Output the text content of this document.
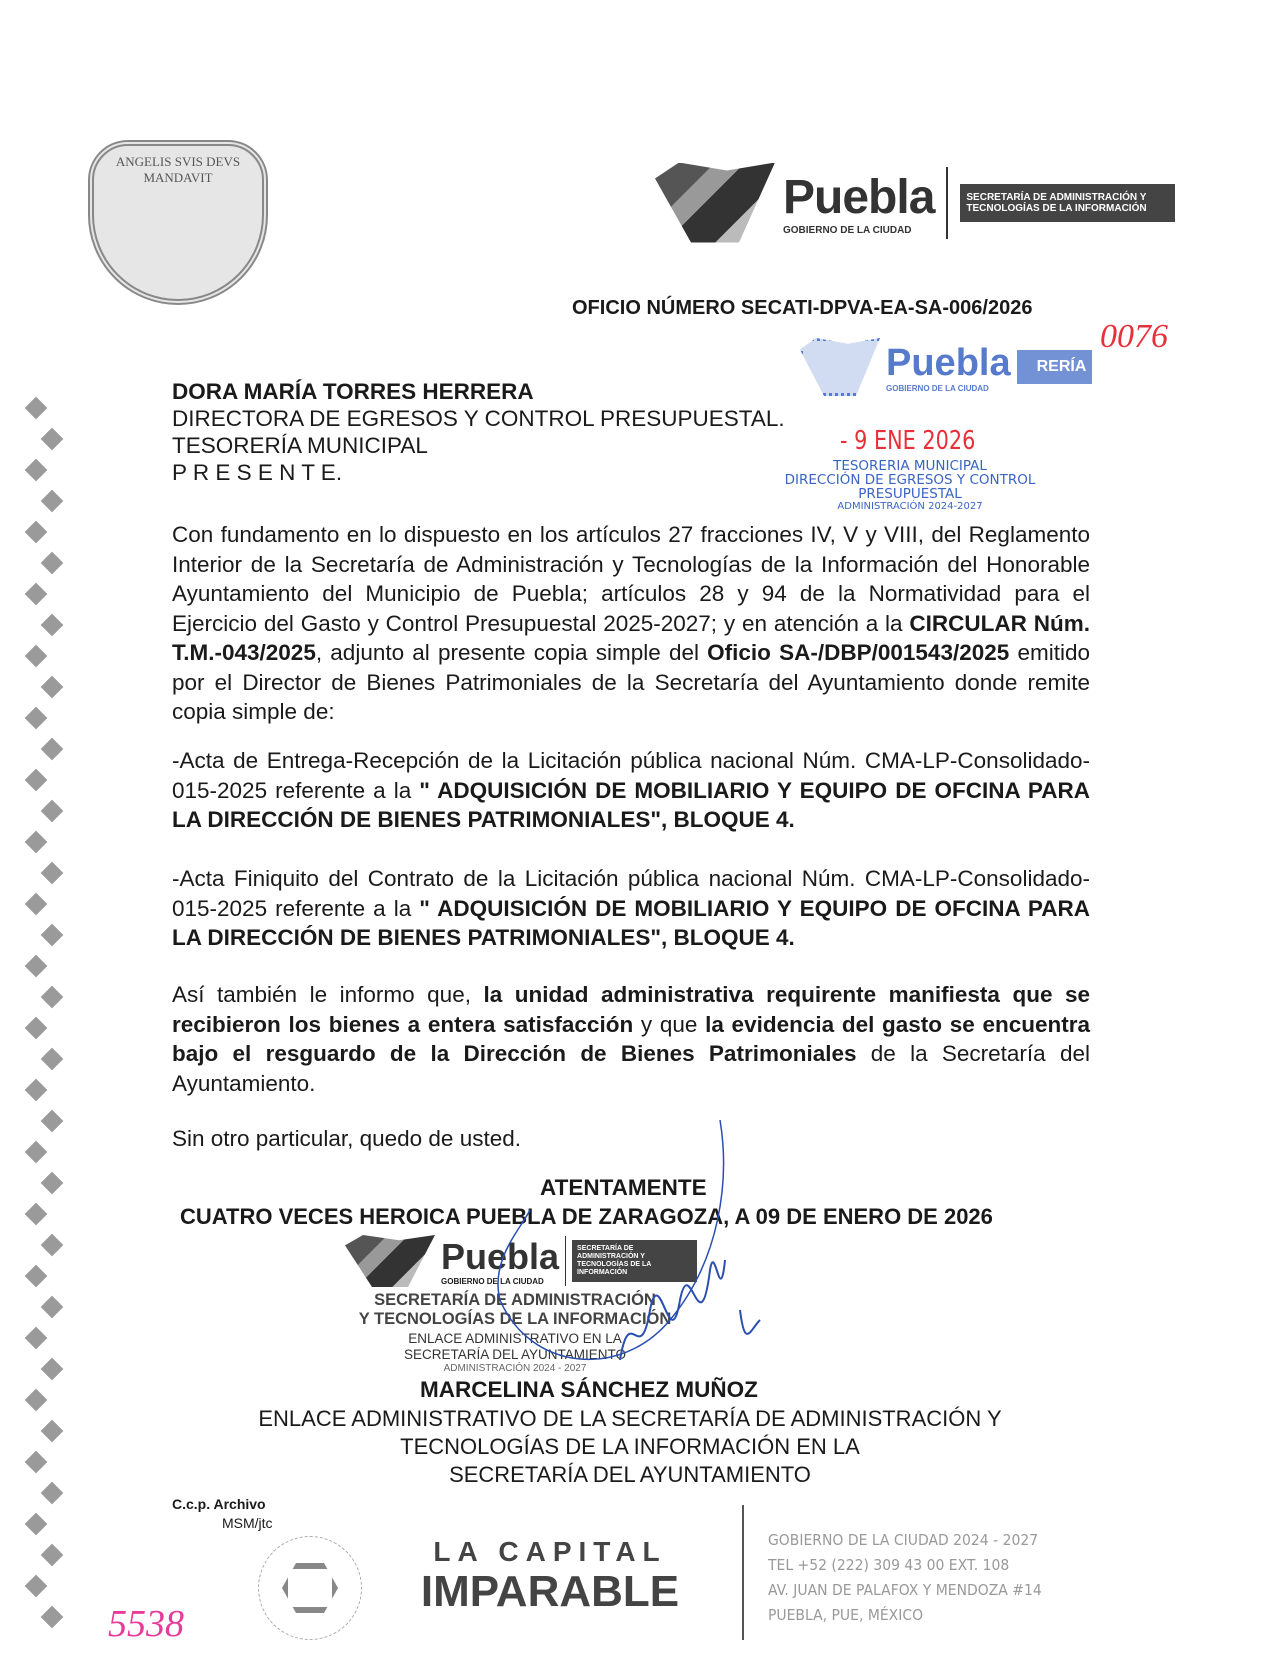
ANGELIS SVIS DEVS MANDAVIT	Puebla
GOBIERNO DE LA CIUDAD
SECRETARÍA DE ADMINISTRACIÓN Y TECNOLOGÍAS DE LA INFORMACIÓN
OFICIO NÚMERO SECATI-DPVA-EA-SA-006/2026
0076
Puebla
GOBIERNO DE LA CIUDAD
RERÍA
- 9 ENE 2026
TESORERIA MUNICIPAL
DIRECCIÓN DE EGRESOS Y CONTROL
PRESUPUESTAL
ADMINISTRACIÓN 2024-2027
DORA MARÍA TORRES HERRERA
DIRECTORA DE EGRESOS Y CONTROL PRESUPUESTAL.
TESORERÍA MUNICIPAL
P R E S E N T E.
Con fundamento en lo dispuesto en los artículos 27 fracciones IV, V y VIII, del Reglamento Interior de la Secretaría de Administración y Tecnologías de la Información del Honorable Ayuntamiento del Municipio de Puebla; artículos 28 y 94 de la Normatividad para el Ejercicio del Gasto y Control Presupuestal 2025-2027; y en atención a la CIRCULAR Núm. T.M.-043/2025, adjunto al presente copia simple del Oficio SA-/DBP/001543/2025 emitido por el Director de Bienes Patrimoniales de la Secretaría del Ayuntamiento donde remite copia simple de:
-Acta de Entrega-Recepción de la Licitación pública nacional Núm. CMA-LP-Consolidado-015-2025 referente a la " ADQUISICIÓN DE MOBILIARIO Y EQUIPO DE OFCINA PARA LA DIRECCIÓN DE BIENES PATRIMONIALES", BLOQUE 4.
-Acta Finiquito del Contrato de la Licitación pública nacional Núm. CMA-LP-Consolidado-015-2025 referente a la " ADQUISICIÓN DE MOBILIARIO Y EQUIPO DE OFCINA PARA LA DIRECCIÓN DE BIENES PATRIMONIALES", BLOQUE 4.
Así también le informo que, la unidad administrativa requirente manifiesta que se recibieron los bienes a entera satisfacción y que la evidencia del gasto se encuentra bajo el resguardo de la Dirección de Bienes Patrimoniales de la Secretaría del Ayuntamiento.
Sin otro particular, quedo de usted.
ATENTAMENTE
CUATRO VECES HEROICA PUEBLA DE ZARAGOZA, A 09 DE ENERO DE 2026
Puebla
GOBIERNO DE LA CIUDAD
SECRETARÍA DE ADMINISTRACIÓN Y TECNOLOGÍAS DE LA INFORMACIÓN
SECRETARÍA DE ADMINISTRACIÓN
Y TECNOLOGÍAS DE LA INFORMACIÓN
ENLACE ADMINISTRATIVO EN LA
SECRETARÍA DEL AYUNTAMIENTO
ADMINISTRACIÓN 2024 - 2027
MARCELINA SÁNCHEZ MUÑOZ
ENLACE ADMINISTRATIVO DE LA SECRETARÍA DE ADMINISTRACIÓN Y
TECNOLOGÍAS DE LA INFORMACIÓN EN LA
SECRETARÍA DEL AYUNTAMIENTO
C.c.p. Archivo
MSM/jtc
5538
LA CAPITAL
IMPARABLE
GOBIERNO DE LA CIUDAD 2024 - 2027
TEL +52 (222) 309 43 00 EXT. 108
AV. JUAN DE PALAFOX Y MENDOZA #14
PUEBLA, PUE, MÉXICO
